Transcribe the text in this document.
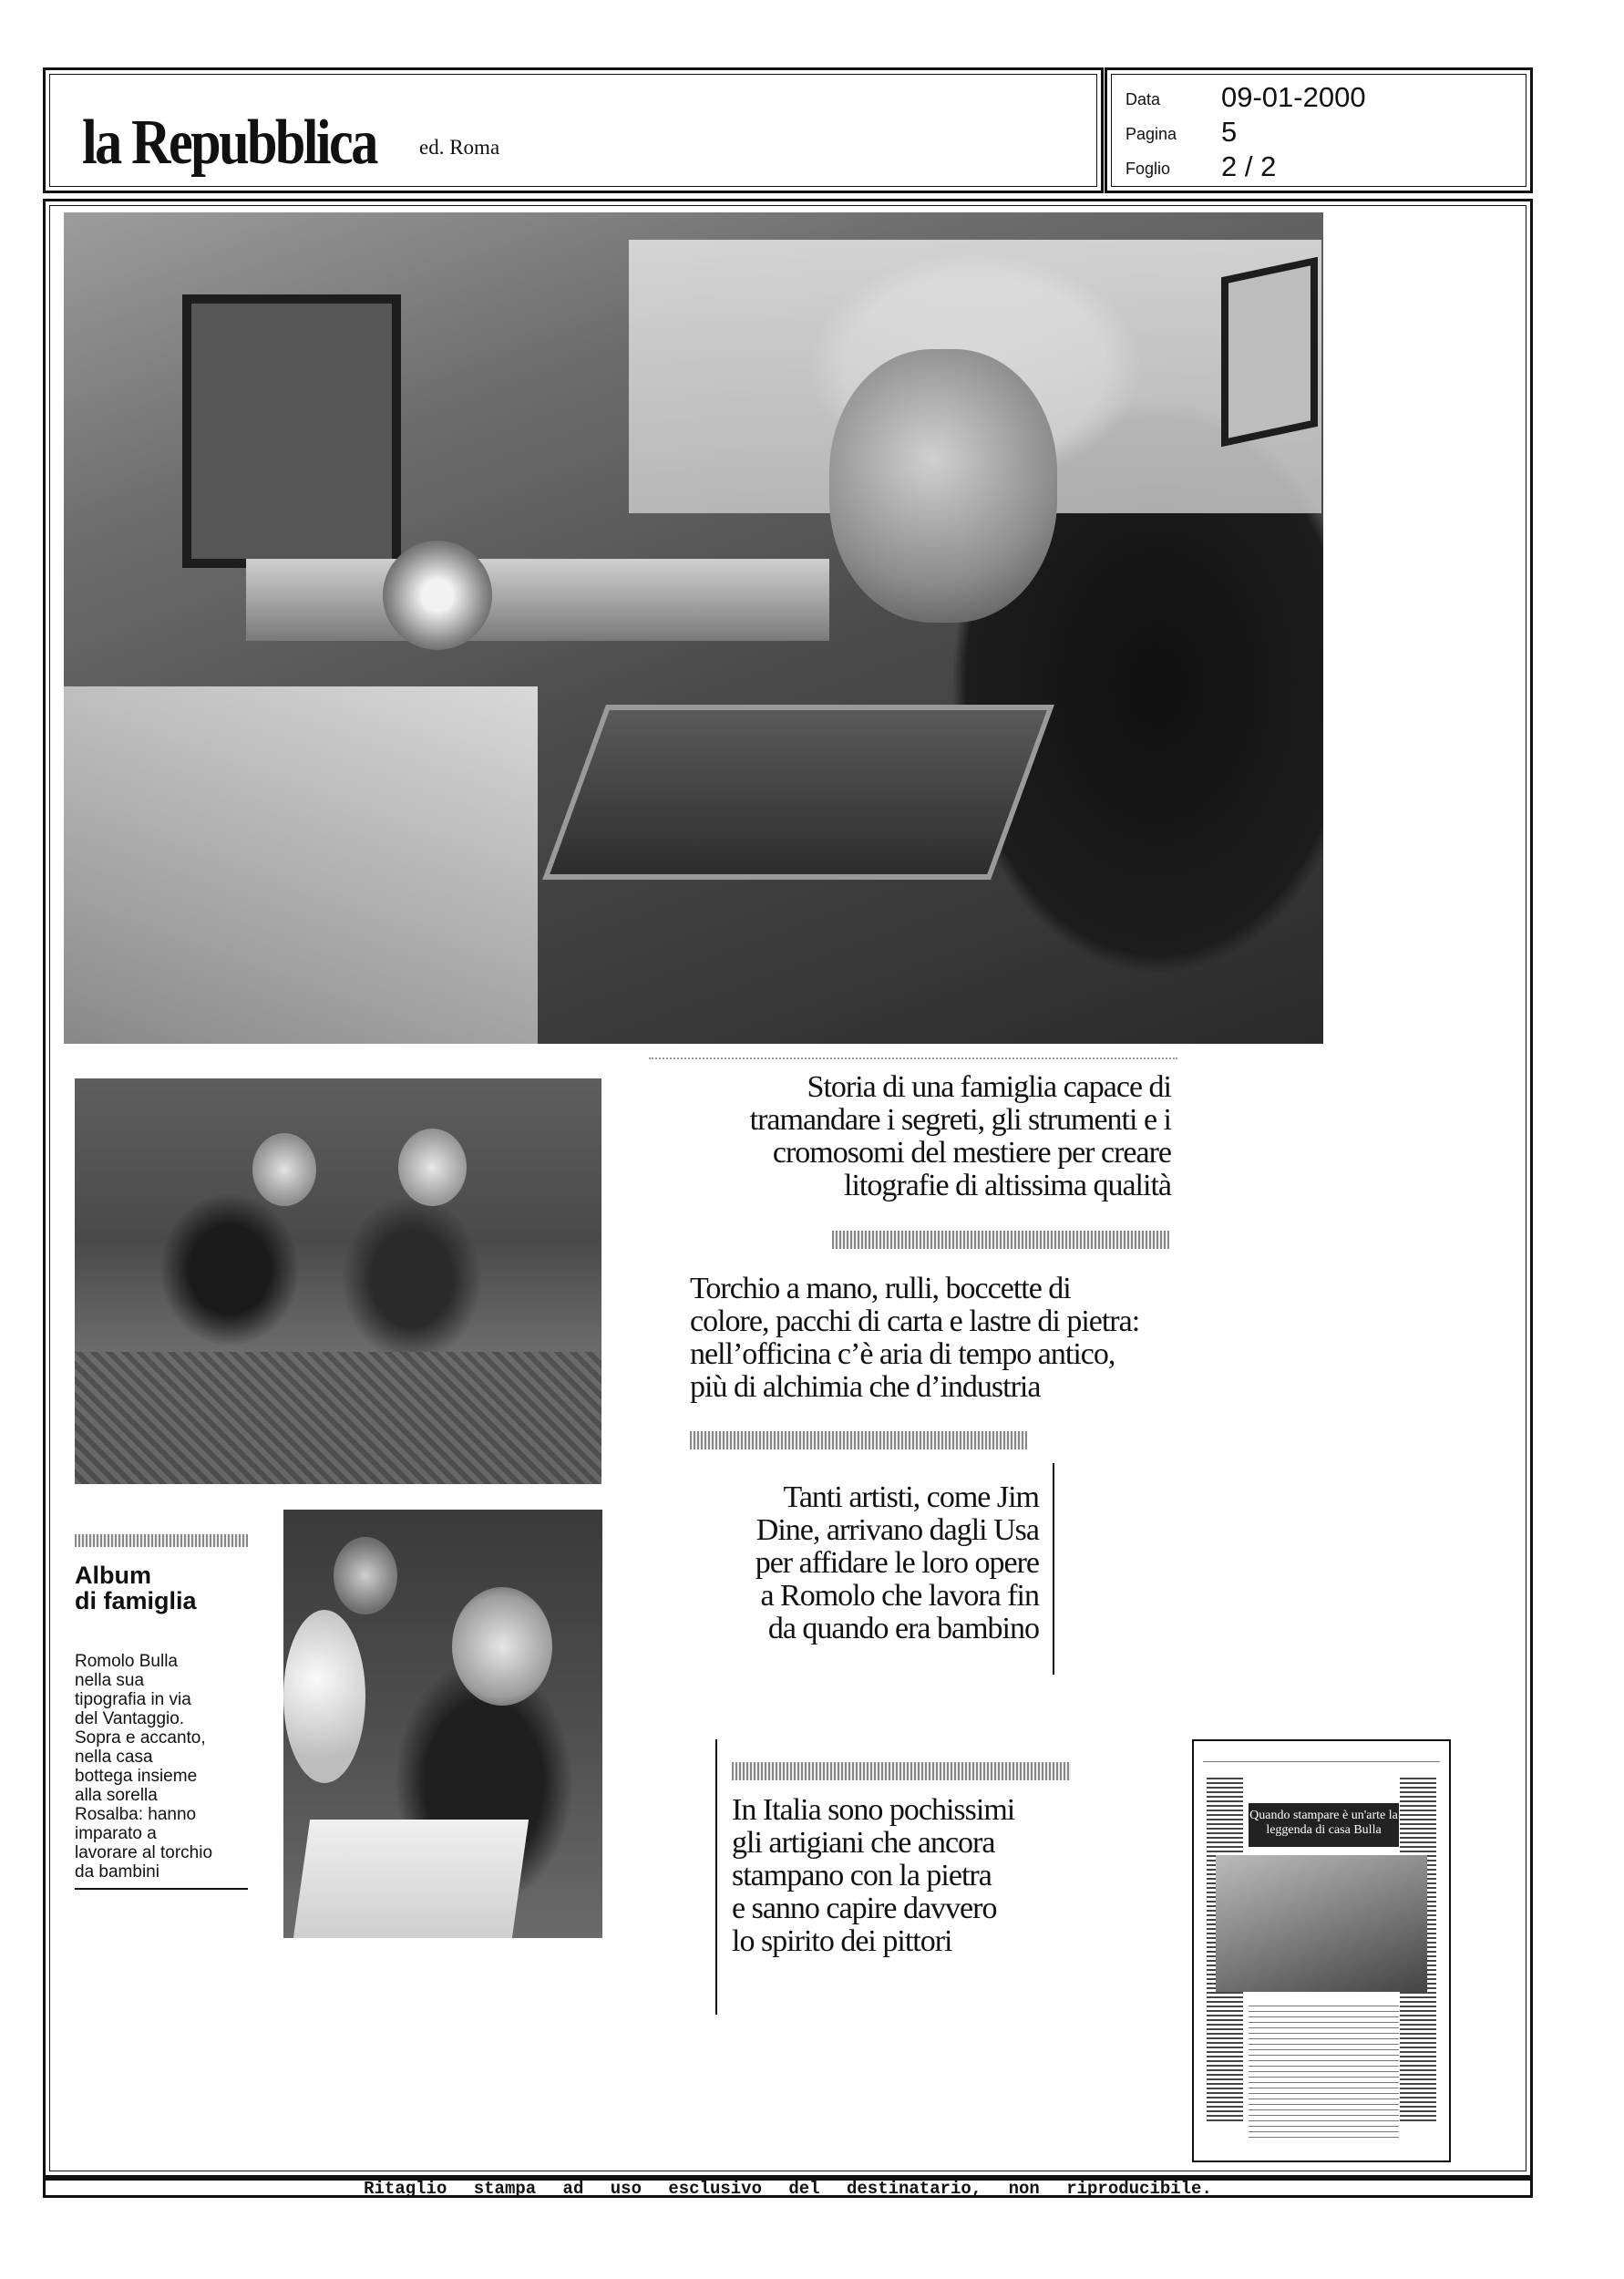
la Repubblica ed. Roma
Data	09-01-2000
Pagina	5
Foglio	2 / 2
Album
di famiglia
Romolo Bulla
nella sua
tipografia in via
del Vantaggio.
Sopra e accanto,
nella casa
bottega insieme
alla sorella
Rosalba: hanno
imparato a
lavorare al torchio
da bambini
Storia di una famiglia capace di
tramandare i segreti, gli strumenti e i
cromosomi del mestiere per creare
litografie di altissima qualità
Torchio a mano, rulli, boccette di
colore, pacchi di carta e lastre di pietra:
nell’officina c’è aria di tempo antico,
più di alchimia che d’industria
Tanti artisti, come Jim
Dine, arrivano dagli Usa
per affidare le loro opere
a Romolo che lavora fin
da quando era bambino
In Italia sono pochissimi
gli artigiani che ancora
stampano con la pietra
e sanno capire davvero
lo spirito dei pittori
Quando stampare è un'arte la leggenda di casa Bulla
Ritaglio stampa ad uso esclusivo del destinatario, non riproducibile.
